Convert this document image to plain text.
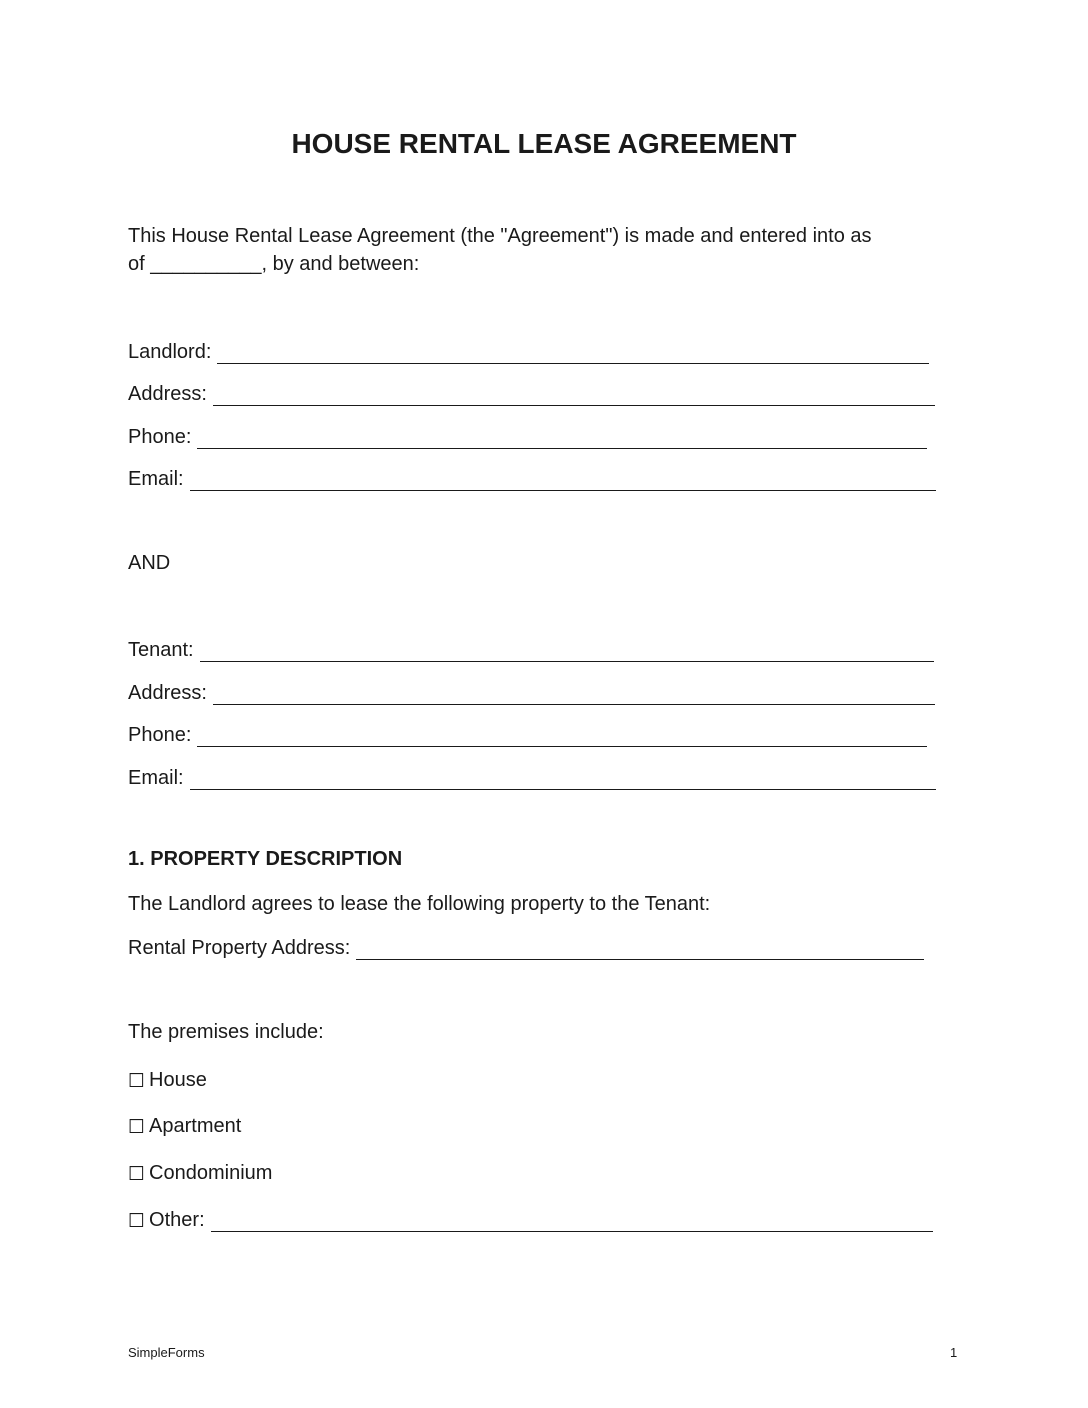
HOUSE RENTAL LEASE AGREEMENT
This House Rental Lease Agreement (the "Agreement") is made and entered into as
of __________, by and between:
Landlord:
Address:
Phone:
Email:
AND
Tenant:
Address:
Phone:
Email:
1. PROPERTY DESCRIPTION
The Landlord agrees to lease the following property to the Tenant:
Rental Property Address:
The premises include:
☐ House
☐ Apartment
☐ Condominium
☐ Other:
SimpleForms	1
